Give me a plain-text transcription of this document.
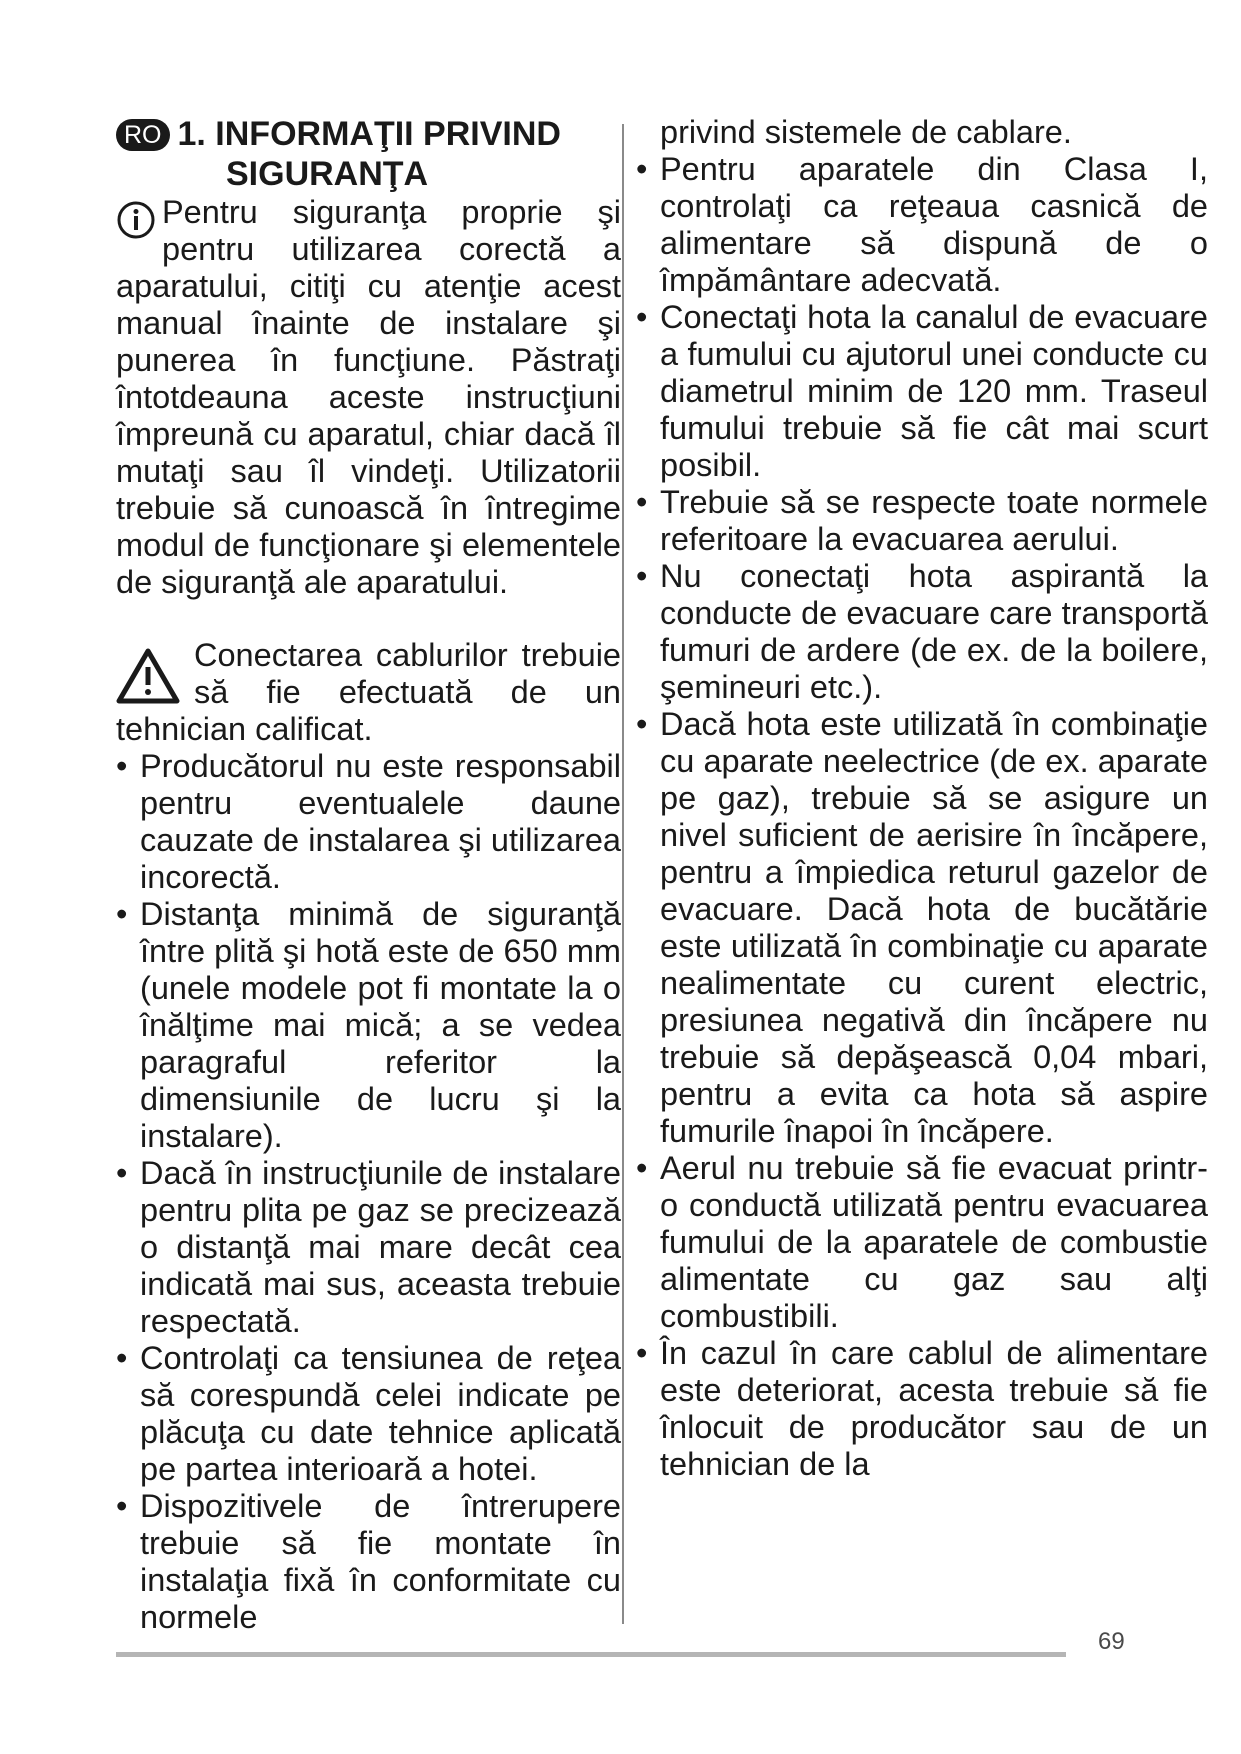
RO 1. INFORMAŢII PRIVIND
SIGURANŢA
Pentru siguranţa proprie şi pentru utilizarea corectă a aparatului, citiţi cu atenţie acest manual înainte de instalare şi punerea în funcţiune. Păstraţi întotdeauna aceste instrucţiuni împreună cu aparatul, chiar dacă îl mutaţi sau îl vindeţi. Utilizatorii trebuie să cunoască în întregime modul de funcţionare şi elementele de siguranţă ale aparatului.
Conectarea cablurilor trebuie să fie efectuată de un tehnician calificat.
• Producătorul nu este responsabil pentru eventualele daune cauzate de instalarea şi utilizarea incorectă.
• Distanţa minimă de siguranţă între plită şi hotă este de 650 mm (unele modele pot fi montate la o înălţime mai mică; a se vedea paragraful referitor la dimensiunile de lucru şi la instalare).
• Dacă în instrucţiunile de instalare pentru plita pe gaz se precizează o distanţă mai mare decât cea indicată mai sus, aceasta trebuie respectată.
• Controlaţi ca tensiunea de reţea să corespundă celei indicate pe plăcuţa cu date tehnice aplicată pe partea interioară a hotei.
• Dispozitivele de întrerupere trebuie să fie montate în instalaţia fixă în conformitate cu normele

privind sistemele de cablare.

• Pentru aparatele din Clasa I, controlaţi ca reţeaua casnică de alimentare să dispună de o împământare adecvată.
• Conectaţi hota la canalul de evacuare a fumului cu ajutorul unei conducte cu diametrul minim de 120 mm. Traseul fumului trebuie să fie cât mai scurt posibil.
• Trebuie să se respecte toate normele referitoare la evacuarea aerului.
• Nu conectaţi hota aspirantă la conducte de evacuare care transportă fumuri de ardere (de ex. de la boilere, şemineuri etc.).
• Dacă hota este utilizată în combinaţie cu aparate neelectrice (de ex. aparate pe gaz), trebuie să se asigure un nivel suficient de aerisire în încăpere, pentru a împiedica returul gazelor de evacuare. Dacă hota de bucătărie este utilizată în combinaţie cu aparate nealimentate cu curent electric, presiunea negativă din încăpere nu trebuie să depăşească 0,04 mbari, pentru a evita ca hota să aspire fumurile înapoi în încăpere.
• Aerul nu trebuie să fie evacuat printr-o conductă utilizată pentru evacuarea fumului de la aparatele de combustie alimentate cu gaz sau alţi combustibili.
• În cazul în care cablul de alimentare este deteriorat, acesta trebuie să fie înlocuit de producător sau de un tehnician de la
69
